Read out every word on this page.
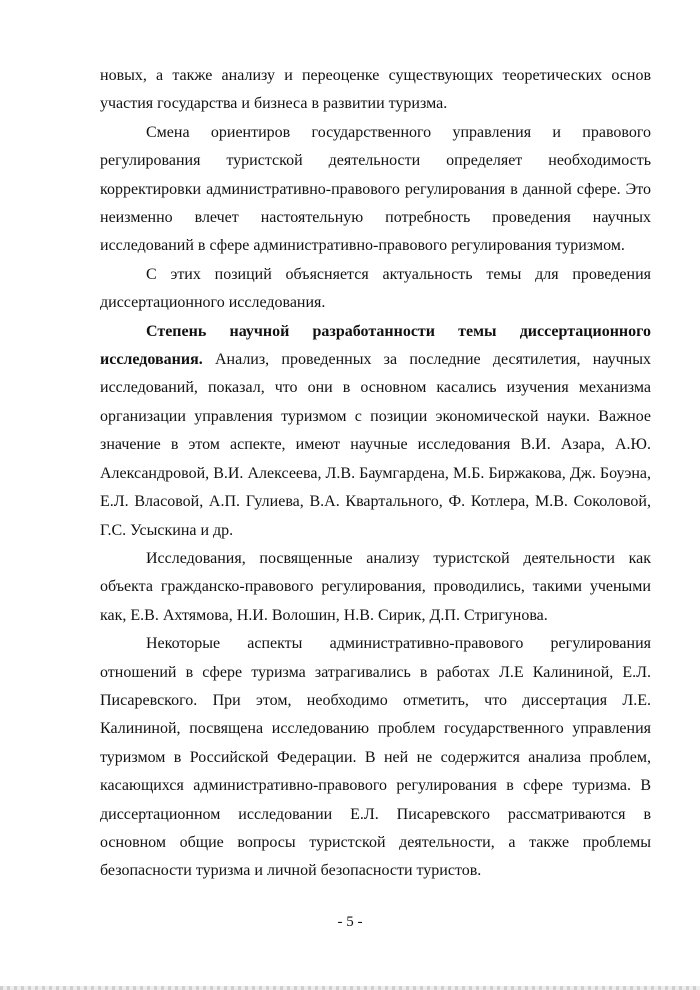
новых, а также анализу и переоценке существующих теоретических основ участия государства и бизнеса в развитии туризма.

Смена ориентиров государственного управления и правового регулирования туристской деятельности определяет необходимость корректировки административно-правового регулирования в данной сфере. Это неизменно влечет настоятельную потребность проведения научных исследований в сфере административно-правового регулирования туризмом.

С этих позиций объясняется актуальность темы для проведения диссертационного исследования.

Степень научной разработанности темы диссертационного исследования. Анализ, проведенных за последние десятилетия, научных исследований, показал, что они в основном касались изучения механизма организации управления туризмом с позиции экономической науки. Важное значение в этом аспекте, имеют научные исследования В.И. Азара, А.Ю. Александровой, В.И. Алексеева, Л.В. Баумгардена, М.Б. Биржакова, Дж. Боуэна, Е.Л. Власовой, А.П. Гулиева, В.А. Квартального, Ф. Котлера, М.В. Соколовой, Г.С. Усыскина и др.

Исследования, посвященные анализу туристской деятельности как объекта гражданско-правового регулирования, проводились, такими учеными как, Е.В. Ахтямова, Н.И. Волошин, Н.В. Сирик, Д.П. Стригунова.

Некоторые аспекты административно-правового регулирования отношений в сфере туризма затрагивались в работах Л.Е Калининой, Е.Л. Писаревского. При этом, необходимо отметить, что диссертация Л.Е. Калининой, посвящена исследованию проблем государственного управления туризмом в Российской Федерации. В ней не содержится анализа проблем, касающихся административно-правового регулирования в сфере туризма. В диссертационном исследовании Е.Л. Писаревского рассматриваются в основном общие вопросы туристской деятельности, а также проблемы безопасности туризма и личной безопасности туристов.

- 5 -
